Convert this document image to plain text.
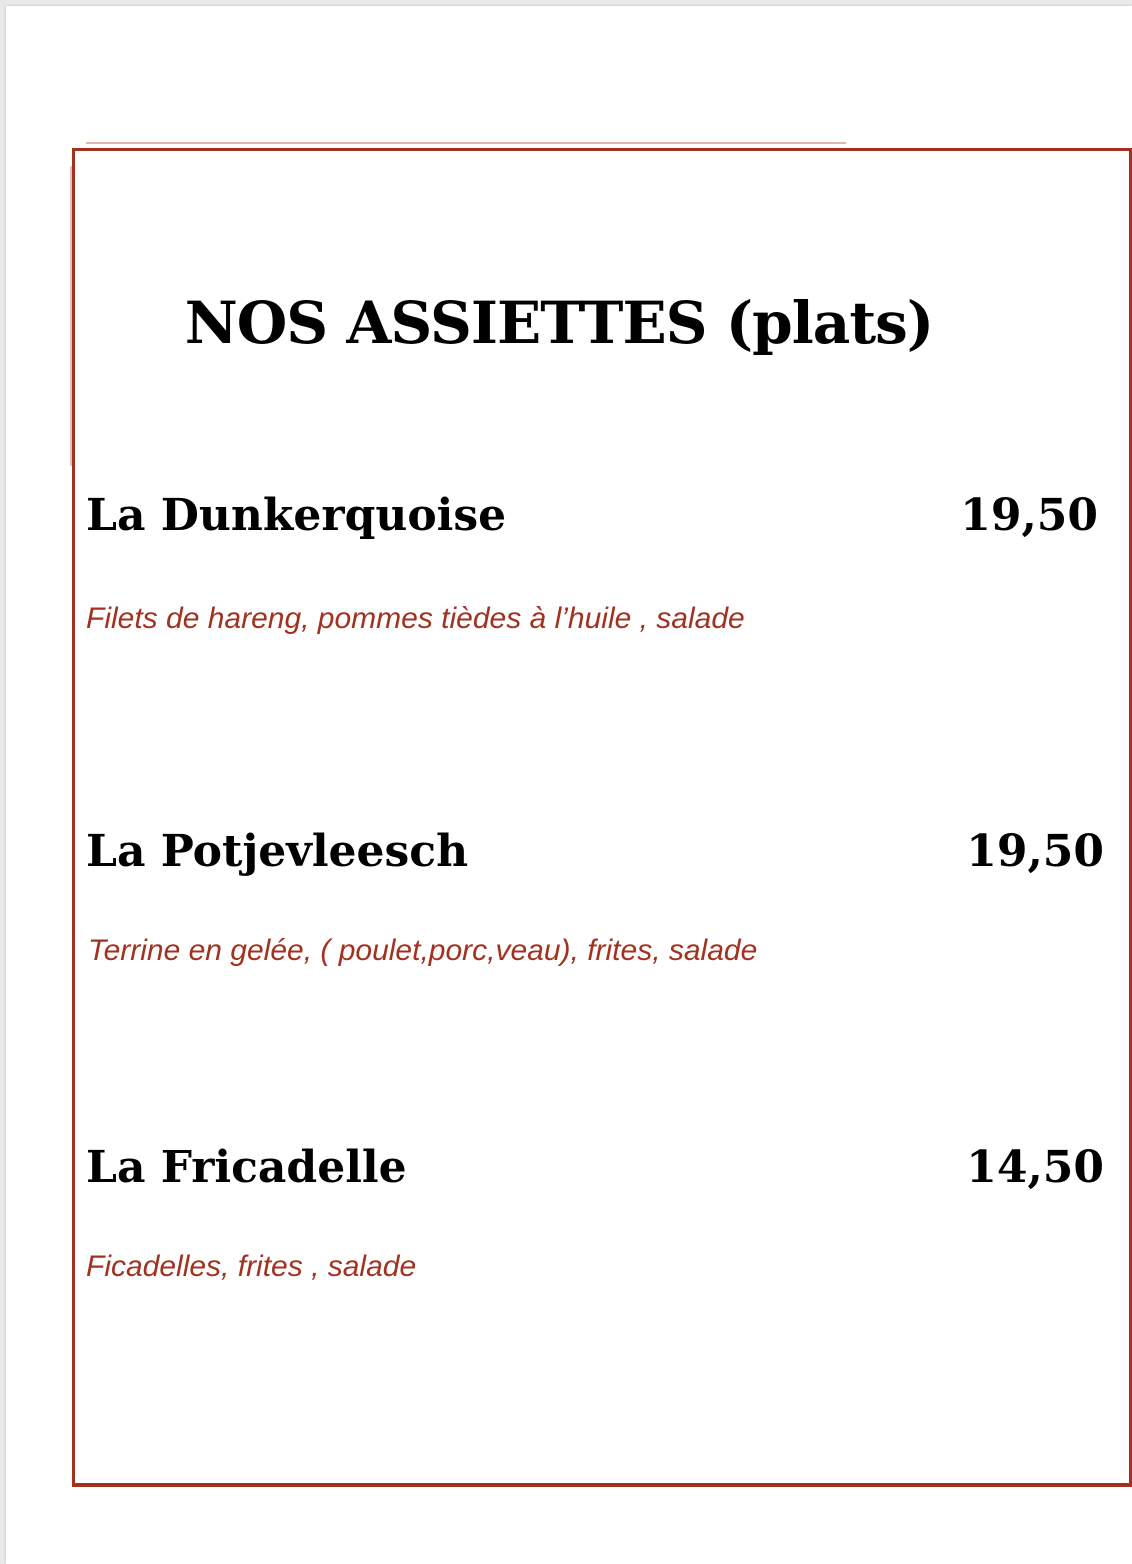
NOS ASSIETTES (plats)
La Dunkerquoise	19,50
Filets de hareng, pommes tièdes à l’huile , salade
La Potjevleesch	19,50
Terrine en gelée, ( poulet,porc,veau), frites, salade
La Fricadelle	14,50
Ficadelles, frites , salade
